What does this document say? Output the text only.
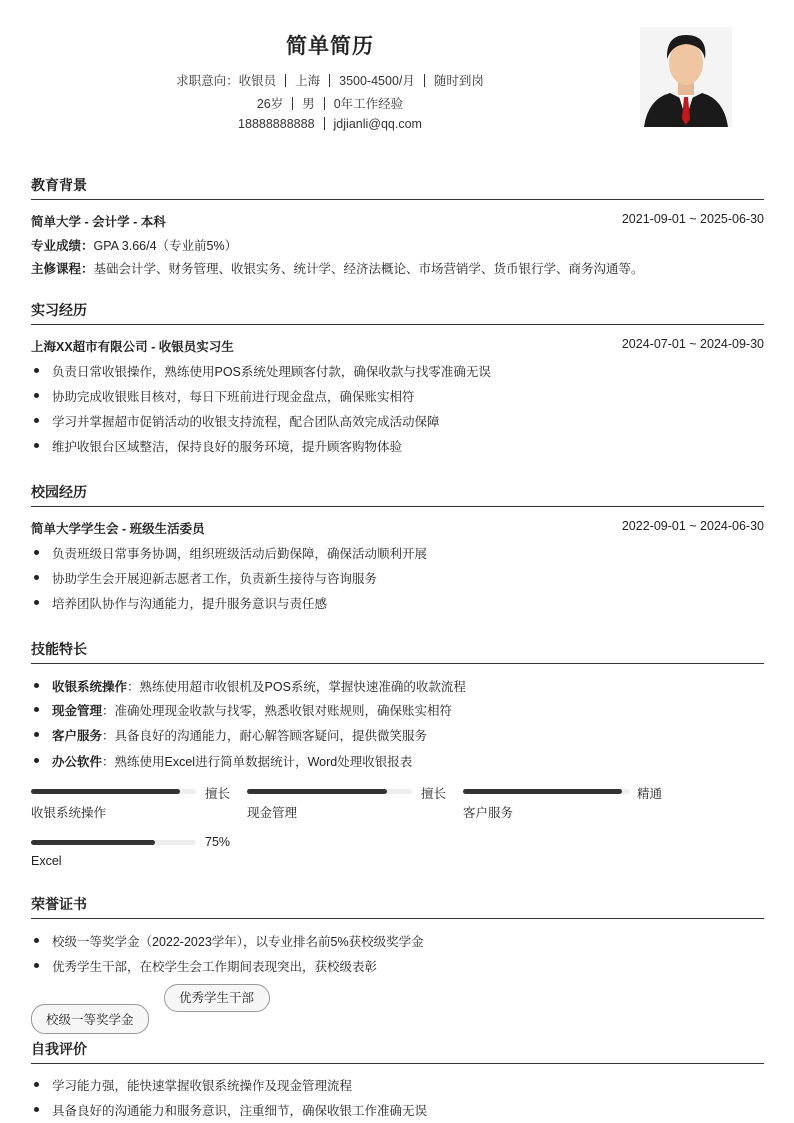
简单简历
求职意向：收银员 上海 3500-4500/月 随时到岗
26岁 男 0年工作经验
18888888888 jdjianli@qq.com
教育背景
简单大学 - 会计学 - 本科	2021-09-01 ~ 2025-06-30
专业成绩：GPA 3.66/4（专业前5%）
主修课程：基础会计学、财务管理、收银实务、统计学、经济法概论、市场营销学、货币银行学、商务沟通等。
实习经历
上海XX超市有限公司 - 收银员实习生	2024-07-01 ~ 2024-09-30
负责日常收银操作，熟练使用POS系统处理顾客付款，确保收款与找零准确无误
协助完成收银账目核对，每日下班前进行现金盘点，确保账实相符
学习并掌握超市促销活动的收银支持流程，配合团队高效完成活动保障
维护收银台区域整洁，保持良好的服务环境，提升顾客购物体验
校园经历
简单大学学生会 - 班级生活委员	2022-09-01 ~ 2024-06-30
负责班级日常事务协调，组织班级活动后勤保障，确保活动顺利开展
协助学生会开展迎新志愿者工作，负责新生接待与咨询服务
培养团队协作与沟通能力，提升服务意识与责任感
技能特长
收银系统操作：熟练使用超市收银机及POS系统，掌握快速准确的收款流程
现金管理：准确处理现金收款与找零，熟悉收银对账规则，确保账实相符
客户服务：具备良好的沟通能力，耐心解答顾客疑问，提供微笑服务
办公软件：熟练使用Excel进行简单数据统计，Word处理收银报表
擅长
收银系统操作
擅长
现金管理
精通
客户服务
75%
Excel
荣誉证书
校级一等奖学金（2022-2023学年），以专业排名前5%获校级奖学金
优秀学生干部，在校学生会工作期间表现突出，获校级表彰
校级一等奖学金
优秀学生干部
自我评价
学习能力强，能快速掌握收银系统操作及现金管理流程
具备良好的沟通能力和服务意识，注重细节，确保收银工作准确无误
